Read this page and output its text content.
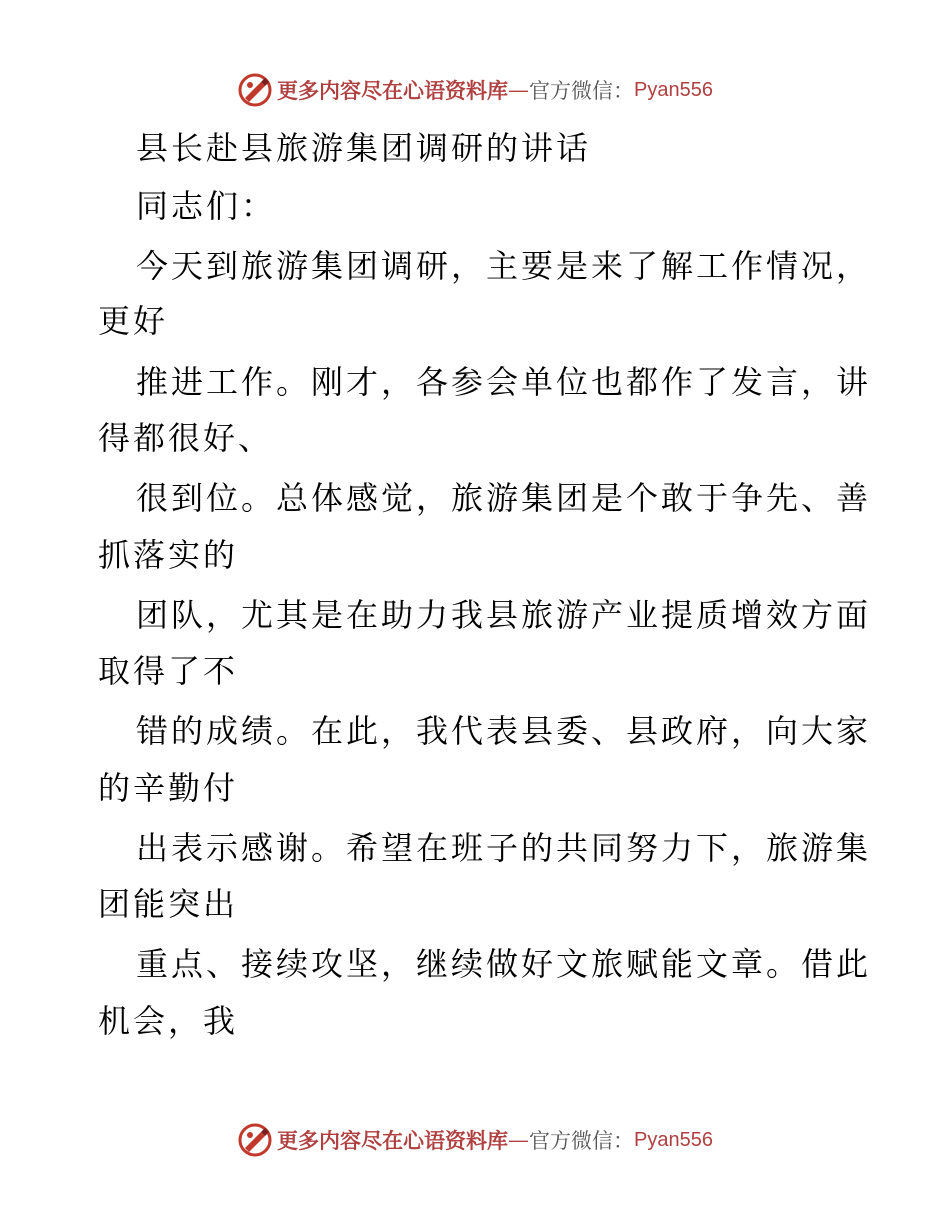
更多内容尽在心语资料库 — 官方微信： Pyan556
县长赴县旅游集团调研的讲话
同志们：
今天到旅游集团调研，主要是来了解工作情况，
更好
推进工作。刚才，各参会单位也都作了发言，讲
得都很好、
很到位。总体感觉，旅游集团是个敢于争先、善
抓落实的
团队，尤其是在助力我县旅游产业提质增效方面
取得了不
错的成绩。在此，我代表县委、县政府，向大家
的辛勤付
出表示感谢。希望在班子的共同努力下，旅游集
团能突出
重点、接续攻坚，继续做好文旅赋能文章。借此
机会，我
更多内容尽在心语资料库 — 官方微信： Pyan556
